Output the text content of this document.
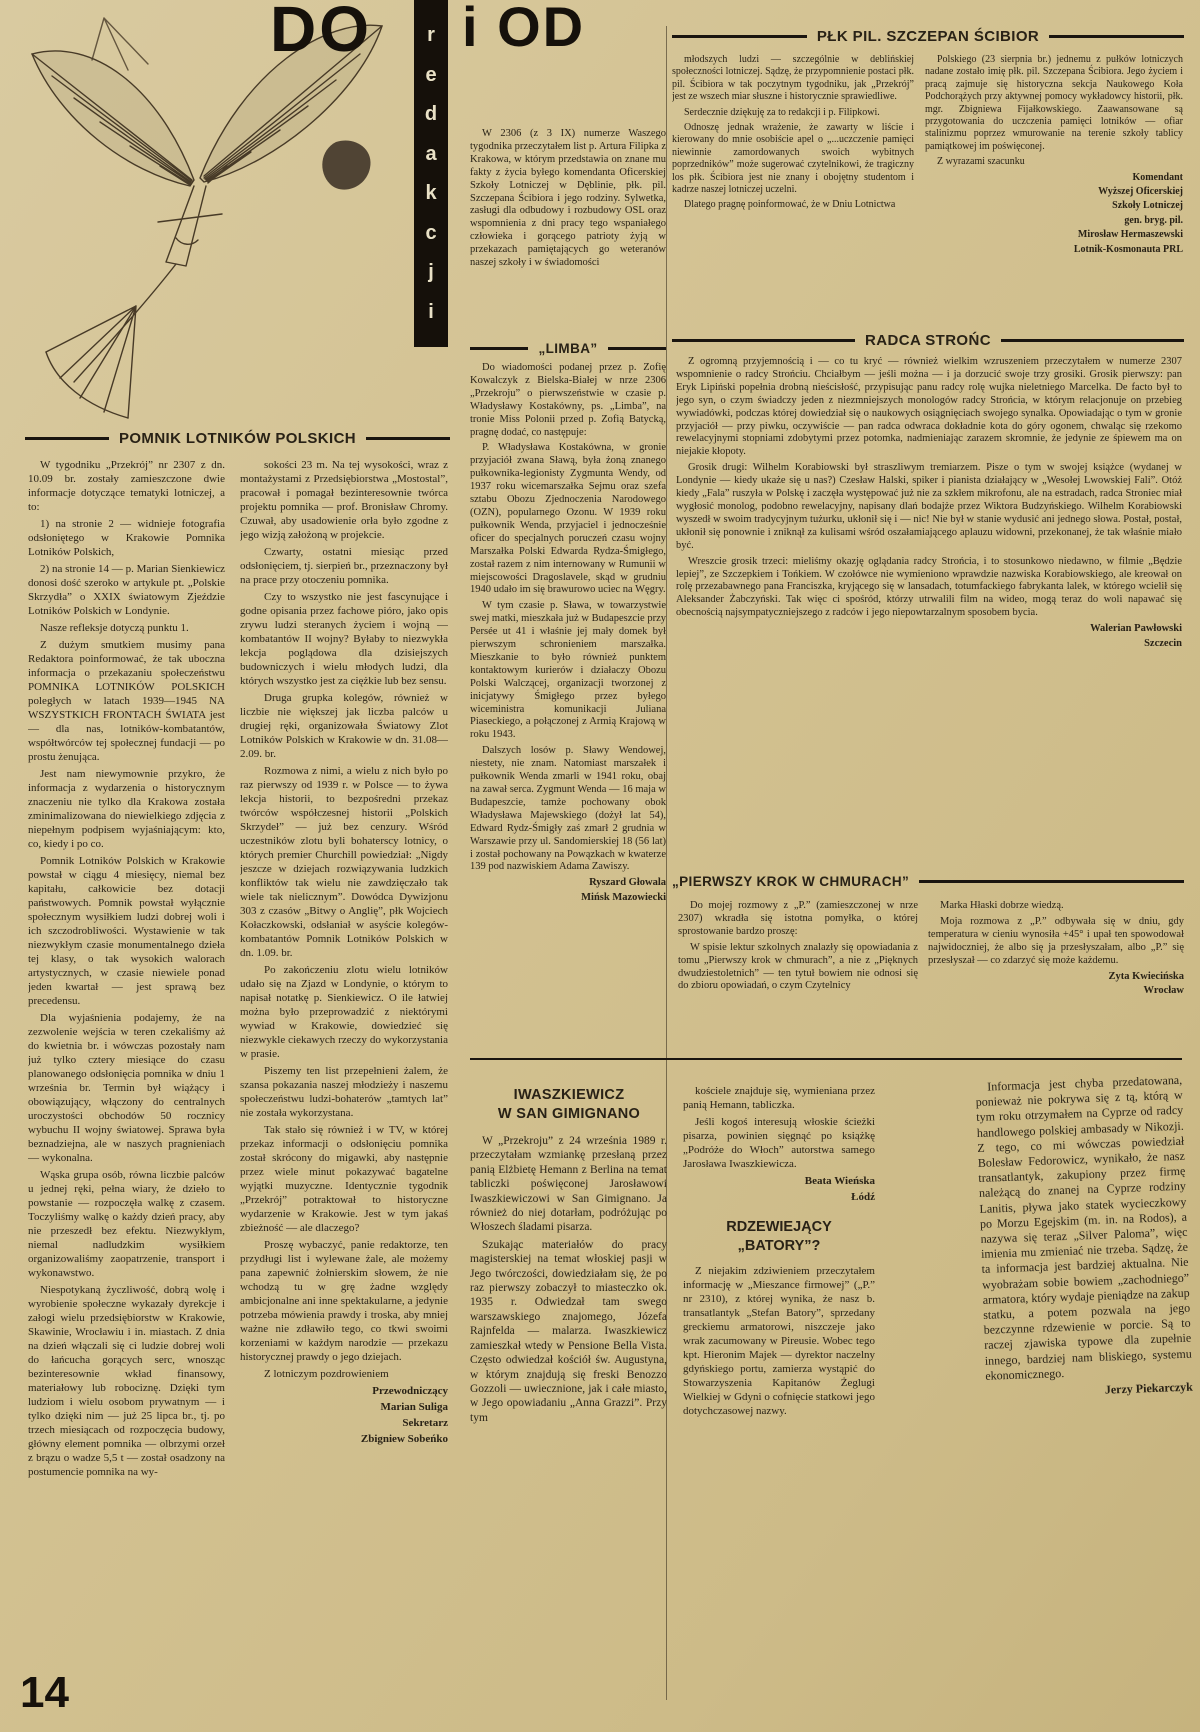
DO	r
e
d
a
k
c
j
i
i OD	PŁK PIL. SZCZEPAN ŚCIBIOR

W 2306 (z 3 IX) numerze Waszego tygodnika przeczytałem list p. Artura Filipka z Krakowa, w którym przedstawia on znane mu fakty z życia byłego komendanta Oficerskiej Szkoły Lotniczej w Dęblinie, płk. pil. Szczepana Ścibiora i jego rodziny. Sylwetka, zasługi dla odbudowy i rozbudowy OSL oraz wspomnienia z dni pracy tego wspaniałego człowieka i gorącego patrioty żyją w przekazach pamiętających go weteranów naszej szkoły i w świadomości

młodszych ludzi — szczególnie w deblińskiej społeczności lotniczej. Sądzę, że przypomnienie postaci płk. pil. Ścibiora w tak poczytnym tygodniku, jak „Przekrój” jest ze wszech miar słuszne i historycznie sprawiedliwe.

Serdecznie dziękuję za to redakcji i p. Filipkowi.

Odnoszę jednak wrażenie, że zawarty w liście i kierowany do mnie osobiście apel o „...uczczenie pamięci niewinnie zamordowanych swoich wybitnych poprzedników” może sugerować czytelnikowi, że tragiczny los płk. Ścibiora jest nie znany i obojętny studentom i kadrze naszej lotniczej uczelni.

Dlatego pragnę poinformować, że w Dniu Lotnictwa

Polskiego (23 sierpnia br.) jednemu z pułków lotniczych nadane zostało imię płk. pil. Szczepana Ścibiora. Jego życiem i pracą zajmuje się historyczna sekcja Naukowego Koła Podchorążych przy aktywnej pomocy wykładowcy historii, płk. mgr. Zbigniewa Fijałkowskiego. Zaawansowane są przygotowania do uczczenia pamięci lotników — ofiar stalinizmu poprzez wmurowanie na terenie szkoły tablicy pamiątkowej im poświęconej.

Z wyrazami szacunku

Komendant

Wyższej Oficerskiej

Szkoły Lotniczej

gen. bryg. pil.

Mirosław Hermaszewski

Lotnik-Kosmonauta PRL

„LIMBA”

Do wiadomości podanej przez p. Zofię Kowalczyk z Bielska-Białej w nrze 2306 „Przekroju” o pierwszeństwie w czasie p. Władysławy Kostakówny, ps. „Limba”, na tronie Miss Polonii przed p. Zofią Batycką, pragnę dodać, co następuje:

P. Władysława Kostakówna, w gronie przyjaciół zwana Sławą, była żoną znanego pułkownika-legionisty Zygmunta Wendy, od 1937 roku wicemarszałka Sejmu oraz szefa sztabu Obozu Zjednoczenia Narodowego (OZN), popularnego Ozonu. W 1939 roku pułkownik Wenda, przyjaciel i jednocześnie oficer do specjalnych poruczeń czasu wojny Marszałka Polski Edwarda Rydza-Śmigłego, został razem z nim internowany w Rumunii w miejscowości Dragoslavele, skąd w grudniu 1940 udało im się brawurowo uciec na Węgry.

W tym czasie p. Sława, w towarzystwie swej matki, mieszkała już w Budapeszcie przy Persée ut 41 i właśnie jej mały domek był pierwszym schronieniem marszałka. Mieszkanie to było również punktem kontaktowym kurierów i działaczy Obozu Polski Walczącej, organizacji tworzonej z inicjatywy Śmigłego przez byłego wiceministra komunikacji Juliana Piaseckiego, a połączonej z Armią Krajową w roku 1943.

Dalszych losów p. Sławy Wendowej, niestety, nie znam. Natomiast marszałek i pułkownik Wenda zmarli w 1941 roku, obaj na zawał serca. Zygmunt Wenda — 16 maja w Budapeszcie, tamże pochowany obok Władysława Majewskiego (dożył lat 54), Edward Rydz-Śmigły zaś zmarł 2 grudnia w Warszawie przy ul. Sandomierskiej 18 (56 lat) i został pochowany na Powązkach w kwaterze 139 pod nazwiskiem Adama Zawiszy.

Ryszard Głowala

Mińsk Mazowiecki

RADCA STROŃC

Z ogromną przyjemnością i — co tu kryć — również wielkim wzruszeniem przeczytałem w numerze 2307 wspomnienie o radcy Strońciu. Chciałbym — jeśli można — i ja dorzucić swoje trzy grosiki. Grosik pierwszy: pan Eryk Lipiński popełnia drobną nieścisłość, przypisując panu radcy rolę wujka nieletniego Marcelka. De facto był to jego syn, o czym świadczy jeden z niezmniejszych monologów radcy Strońcia, w którym relacjonuje on przebieg wywiadówki, podczas której dowiedział się o naukowych osiągnięciach swojego synalka. Opowiadając o tym w gronie przyjaciół — przy piwku, oczywiście — pan radca odwraca dokładnie kota do góry ogonem, chwaląc się rzekomo rewelacyjnymi stopniami zdobytymi przez potomka, nadmieniając zarazem skromnie, że jedynie ze śpiewem ma on niejakie kłopoty.

Grosik drugi: Wilhelm Korabiowski był straszliwym tremiarzem. Pisze o tym w swojej książce (wydanej w Londynie — kiedy ukaże się u nas?) Czesław Halski, spiker i pianista działający w „Wesołej Lwowskiej Fali”. Otóż kiedy „Fala” ruszyła w Polskę i zaczęła występować już nie za szkłem mikrofonu, ale na estradach, radca Stroniec miał wygłosić monolog, podobno rewelacyjny, napisany dlań bodajże przez Wiktora Budzyńskiego. Wilhelm Korabiowski wyszedł w swoim tradycyjnym tużurku, ukłonił się i — nic! Nie był w stanie wydusić ani jednego słowa. Postał, postał, ukłonił się ponownie i zniknął za kulisami wśród oszałamiającego aplauzu widowni, przekonanej, że tak właśnie miało być.

Wreszcie grosik trzeci: mieliśmy okazję oglądania radcy Strońcia, i to stosunkowo niedawno, w filmie „Będzie lepiej”, ze Szczepkiem i Tońkiem. W czołówce nie wymieniono wprawdzie nazwiska Korabiowskiego, ale kreował on rolę przezabawnego pana Franciszka, kryjącego się w lansadach, totumfackiego fabrykanta lalek, w którego wcielił się Aleksander Żabczyński. Tak więc ci spośród, którzy utrwalili film na wideo, mogą teraz do woli napawać się obecnością najsympatyczniejszego z radców i jego niepowtarzalnym sposobem bycia.

Walerian Pawłowski

Szczecin

„PIERWSZY KROK W CHMURACH”

Do mojej rozmowy z „P.” (zamieszczonej w nrze 2307) wkradła się istotna pomyłka, o której sprostowanie bardzo proszę:

W spisie lektur szkolnych znalazły się opowiadania z tomu „Pierwszy krok w chmurach”, a nie z „Pięknych dwudziestoletnich” — ten tytuł bowiem nie odnosi się do zbioru opowiadań, o czym Czytelnicy

Marka Hłaski dobrze wiedzą.

Moja rozmowa z „P.” odbywała się w dniu, gdy temperatura w cieniu wynosiła +45° i upał ten spowodował najwidoczniej, że albo się ja przesłyszałam, albo „P.” się przesłyszał — co zdarzyć się może każdemu.

Zyta Kwiecińska

Wrocław

POMNIK LOTNIKÓW POLSKICH

W tygodniku „Przekrój” nr 2307 z dn. 10.09 br. zostały zamieszczone dwie informacje dotyczące tematyki lotniczej, a to:

1) na stronie 2 — widnieje fotografia odsłoniętego w Krakowie Pomnika Lotników Polskich,

2) na stronie 14 — p. Marian Sienkiewicz donosi dość szeroko w artykule pt. „Polskie Skrzydła” o XXIX światowym Zjeździe Lotników Polskich w Londynie.

Nasze refleksje dotyczą punktu 1.

Z dużym smutkiem musimy pana Redaktora poinformować, że tak uboczna informacja o przekazaniu społeczeństwu POMNIKA LOTNIKÓW POLSKICH poległych w latach 1939—1945 NA WSZYSTKICH FRONTACH ŚWIATA jest — dla nas, lotników-kombatantów, współtwórców tej społecznej fundacji — po prostu żenująca.

Jest nam niewymownie przykro, że informacja z wydarzenia o historycznym znaczeniu nie tylko dla Krakowa została zminimalizowana do niewielkiego zdjęcia z niepełnym podpisem wyjaśniającym: kto, co, kiedy i po co.

Pomnik Lotników Polskich w Krakowie powstał w ciągu 4 miesięcy, niemal bez kapitału, całkowicie bez dotacji państwowych. Pomnik powstał wyłącznie społecznym wysiłkiem ludzi dobrej woli i ich szczodrobliwości. Wystawienie w tak niezwykłym czasie monumentalnego dzieła tej klasy, o tak wysokich walorach artystycznych, w czasie niewiele ponad jeden kwartał — jest sprawą bez precedensu.

Dla wyjaśnienia podajemy, że na zezwolenie wejścia w teren czekaliśmy aż do kwietnia br. i wówczas pozostały nam już tylko cztery miesiące do czasu planowanego odsłonięcia pomnika w dniu 1 września br. Termin był wiążący i obowiązujący, włączony do centralnych uroczystości obchodów 50 rocznicy wybuchu II wojny światowej. Sprawa była beznadziejna, ale w naszych pragnieniach — wykonalna.

Wąska grupa osób, równa liczbie palców u jednej ręki, pełna wiary, że dzieło to powstanie — rozpoczęła walkę z czasem. Toczyliśmy walkę o każdy dzień pracy, aby nie przeszedł bez efektu. Niezwykłym, niemal nadludzkim wysiłkiem organizowaliśmy zaopatrzenie, transport i wykonawstwo.

Niespotykaną życzliwość, dobrą wolę i wyrobienie społeczne wykazały dyrekcje i załogi wielu przedsiębiorstw w Krakowie, Skawinie, Wrocławiu i in. miastach. Z dnia na dzień włączali się ci ludzie dobrej woli do łańcucha gorących serc, wnosząc bezinteresownie wkład finansowy, materiałowy lub robociznę. Dzięki tym ludziom i wielu osobom prywatnym — i tylko dzięki nim — już 25 lipca br., tj. po trzech miesiącach od rozpoczęcia budowy, główny element pomnika — olbrzymi orzeł z brązu o wadze 5,5 t — został osadzony na postumencie pomnika na wy-

sokości 23 m. Na tej wysokości, wraz z montażystami z Przedsiębiorstwa „Mostostal”, pracował i pomagał bezinteresownie twórca projektu pomnika — prof. Bronisław Chromy. Czuwał, aby usadowienie orła było zgodne z jego wizją założoną w projekcie.

Czwarty, ostatni miesiąc przed odsłonięciem, tj. sierpień br., przeznaczony był na prace przy otoczeniu pomnika.

Czy to wszystko nie jest fascynujące i godne opisania przez fachowe pióro, jako opis zrywu ludzi steranych życiem i wojną — kombatantów II wojny? Byłaby to niezwykła lekcja poglądowa dla dzisiejszych budowniczych i wielu młodych ludzi, dla których wszystko jest za ciężkie lub bez sensu.

Druga grupka kolegów, również w liczbie nie większej jak liczba palców u drugiej ręki, organizowała Światowy Zlot Lotników Polskich w Krakowie w dn. 31.08—2.09. br.

Rozmowa z nimi, a wielu z nich było po raz pierwszy od 1939 r. w Polsce — to żywa lekcja historii, to bezpośredni przekaz twórców współczesnej historii „Polskich Skrzydeł” — już bez cenzury. Wśród uczestników zlotu byli bohaterscy lotnicy, o których premier Churchill powiedział: „Nigdy jeszcze w dziejach rozwiązywania ludzkich konfliktów tak wielu nie zawdzięczało tak wiele tak nielicznym”. Dowódca Dywizjonu 303 z czasów „Bitwy o Anglię”, płk Wojciech Kołaczkowski, odsłaniał w asyście kolegów-kombatantów Pomnik Lotników Polskich w dn. 1.09. br.

Po zakończeniu zlotu wielu lotników udało się na Zjazd w Londynie, o którym to napisał notatkę p. Sienkiewicz. O ile łatwiej można było przeprowadzić z niektórymi wywiad w Krakowie, dowiedzieć się niezwykle ciekawych rzeczy do wykorzystania w prasie.

Piszemy ten list przepełnieni żalem, że szansa pokazania naszej młodzieży i naszemu społeczeństwu ludzi-bohaterów „tamtych lat” nie została wykorzystana.

Tak stało się również i w TV, w której przekaz informacji o odsłonięciu pomnika został skrócony do migawki, aby następnie przez wiele minut pokazywać bagatelne wyjątki muzyczne. Identycznie tygodnik „Przekrój” potraktował to historyczne wydarzenie w Krakowie. Jest w tym jakaś zbieżność — ale dlaczego?

Proszę wybaczyć, panie redaktorze, ten przydługi list i wylewane żale, ale możemy pana zapewnić żołnierskim słowem, że nie wchodzą tu w grę żadne względy ambicjonalne ani inne spektakularne, a jedynie potrzeba mówienia prawdy i troska, aby mniej ważne nie zdławiło tego, co tkwi swoimi korzeniami w każdym narodzie — przekazu historycznej prawdy o jego dziejach.

Z lotniczym pozdrowieniem

Przewodniczący

Marian Suliga

Sekretarz

Zbigniew Sobeńko

IWASZKIEWICZ
W SAN GIMIGNANO

W „Przekroju” z 24 września 1989 r. przeczytałam wzmiankę przesłaną przez panią Elżbietę Hemann z Berlina na temat tabliczki poświęconej Jarosławowi Iwaszkiewiczowi w San Gimignano. Ja również do niej dotarłam, podróżując po Włoszech śladami pisarza.

Szukając materiałów do pracy magisterskiej na temat włoskiej pasji w Jego twórczości, dowiedziałam się, że po raz pierwszy zobaczył to miasteczko ok. 1935 r. Odwiedzał tam swego warszawskiego znajomego, Józefa Rajnfelda — malarza. Iwaszkiewicz zamieszkał wtedy w Pensione Bella Vista. Często odwiedzał kościół św. Augustyna, w którym znajdują się freski Benozzo Gozzoli — uwiecznione, jak i całe miasto, w Jego opowiadaniu „Anna Grazzi”. Przy tym

kościele znajduje się, wymieniana przez panią Hemann, tabliczka.

Jeśli kogoś interesują włoskie ścieżki pisarza, powinien sięgnąć po książkę „Podróże do Włoch” autorstwa samego Jarosława Iwaszkiewicza.

Beata Wieńska

Łódź

RDZEWIEJĄCY
„BATORY”?

Z niejakim zdziwieniem przeczytałem informację w „Mieszance firmowej” („P.” nr 2310), z której wynika, że nasz b. transatlantyk „Stefan Batory”, sprzedany greckiemu armatorowi, niszczeje jako wrak zacumowany w Pireusie. Wobec tego kpt. Hieronim Majek — dyrektor naczelny gdyńskiego portu, zamierza wystąpić do Stowarzyszenia Kapitanów Żeglugi Wielkiej w Gdyni o cofnięcie statkowi jego dotychczasowej nazwy.

Informacja jest chyba przedatowana, ponieważ nie pokrywa się z tą, którą w tym roku otrzymałem na Cyprze od radcy handlowego polskiej ambasady w Nikozji. Z tego, co mi wówczas powiedział Bolesław Fedorowicz, wynikało, że nasz transatlantyk, zakupiony przez firmę należącą do znanej na Cyprze rodziny Lanitis, pływa jako statek wycieczkowy po Morzu Egejskim (m. in. na Rodos), a nazywa się teraz „Silver Paloma”, więc imienia mu zmieniać nie trzeba. Sądzę, że ta informacja jest bardziej aktualna. Nie wyobrażam sobie bowiem „zachodniego” armatora, który wydaje pieniądze na zakup statku, a potem pozwala na jego bezczynne rdzewienie w porcie. Są to raczej zjawiska typowe dla zupełnie innego, bardziej nam bliskiego, systemu ekonomicznego.

Jerzy Piekarczyk

14
